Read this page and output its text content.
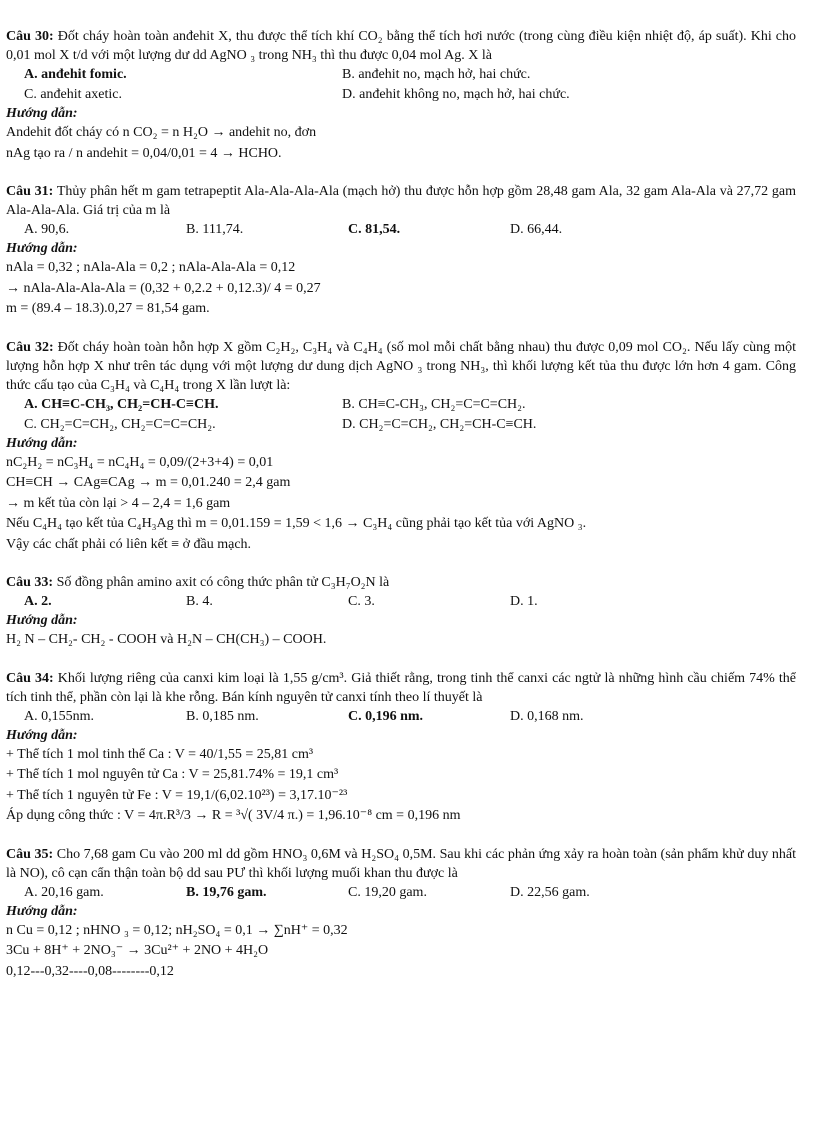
Câu 30: Đốt cháy hoàn toàn anđehit X, thu được thể tích khí CO₂ bằng thể tích hơi nước (trong cùng điều kiện nhiệt độ, áp suất). Khi cho 0,01 mol X t/d với một lượng dư dd AgNO ₃ trong NH₃ thì thu được 0,04 mol Ag. X là

A. anđehit fomic.	B. anđehit no, mạch hở, hai chức.
C. anđehit axetic.	D. anđehit không no, mạch hở, hai chức.
Hướng dẫn:
Andehit đốt cháy có n CO₂ = n H₂O → andehit no, đơn
nAg tạo ra / n andehit = 0,04/0,01 = 4 → HCHO.

Câu 31: Thủy phân hết m gam tetrapeptit Ala-Ala-Ala-Ala (mạch hở) thu được hỗn hợp gồm 28,48 gam Ala, 32 gam Ala-Ala và 27,72 gam Ala-Ala-Ala. Giá trị của m là

A. 90,6.	B. 111,74.	C. 81,54.	D. 66,44.
Hướng dẫn:
nAla = 0,32 ; nAla-Ala = 0,2 ; nAla-Ala-Ala = 0,12
→ nAla-Ala-Ala-Ala = (0,32 + 0,2.2 + 0,12.3)/ 4 = 0,27
m = (89.4 – 18.3).0,27 = 81,54 gam.

Câu 32: Đốt cháy hoàn toàn hỗn hợp X gồm C₂H₂, C₃H₄ và C₄H₄ (số mol mỗi chất bằng nhau) thu được 0,09 mol CO₂. Nếu lấy cùng một lượng hỗn hợp X như trên tác dụng với một lượng dư dung dịch AgNO ₃ trong NH₃, thì khối lượng kết tủa thu được lớn hơn 4 gam. Công thức cấu tạo của C₃H₄ và C₄H₄ trong X lần lượt là:

A. CH≡C-CH₃, CH₂=CH-C≡CH.	B. CH≡C-CH₃, CH₂=C=C=CH₂.
C. CH₂=C=CH₂, CH₂=C=C=CH₂.	D. CH₂=C=CH₂, CH₂=CH-C≡CH.
Hướng dẫn:
nC₂H₂ = nC₃H₄ = nC₄H₄ = 0,09/(2+3+4) = 0,01
CH≡CH → CAg≡CAg → m = 0,01.240 = 2,4 gam
→ m kết tủa còn lại > 4 – 2,4 = 1,6 gam
Nếu C₄H₄ tạo kết tủa C₄H₃Ag thì m = 0,01.159 = 1,59 < 1,6 → C₃H₄ cũng phải tạo kết tủa với AgNO ₃.
Vậy các chất phải có liên kết ≡ ở đầu mạch.

Câu 33: Số đồng phân amino axit có công thức phân tử C₃H₇O₂N là

A. 2.	B. 4.	C. 3.	D. 1.
Hướng dẫn:
H₂ N – CH₂- CH₂ - COOH và H₂N – CH(CH₃) – COOH.

Câu 34: Khối lượng riêng của canxi kim loại là 1,55 g/cm³. Giả thiết rằng, trong tinh thể canxi các ngtử là những hình cầu chiếm 74% thể tích tinh thể, phần còn lại là khe rỗng. Bán kính nguyên tử canxi tính theo lí thuyết là

A. 0,155nm.	B. 0,185 nm.	C. 0,196 nm.	D. 0,168 nm.
Hướng dẫn:
+ Thể tích 1 mol tinh thể Ca : V = 40/1,55 = 25,81 cm³
+ Thể tích 1 mol nguyên tử Ca : V = 25,81.74% = 19,1 cm³
+ Thể tích 1 nguyên tử Fe : V = 19,1/(6,02.10²³) = 3,17.10⁻²³
Áp dụng công thức : V = 4π.R³/3 → R = ³√( 3V/4 π.) = 1,96.10⁻⁸ cm = 0,196 nm

Câu 35: Cho 7,68 gam Cu vào 200 ml dd gồm HNO₃ 0,6M và H₂SO₄ 0,5M. Sau khi các phản ứng xảy ra hoàn toàn (sản phẩm khử duy nhất là NO), cô cạn cẩn thận toàn bộ dd sau PƯ thì khối lượng muối khan thu được là

A. 20,16 gam.	B. 19,76 gam.	C. 19,20 gam.	D. 22,56 gam.
Hướng dẫn:
n Cu = 0,12 ; nHNO ₃ = 0,12; nH₂SO₄ = 0,1 → ∑nH⁺ = 0,32
3Cu + 8H⁺ + 2NO₃⁻ → 3Cu²⁺ + 2NO + 4H₂O
0,12---0,32----0,08--------0,12
